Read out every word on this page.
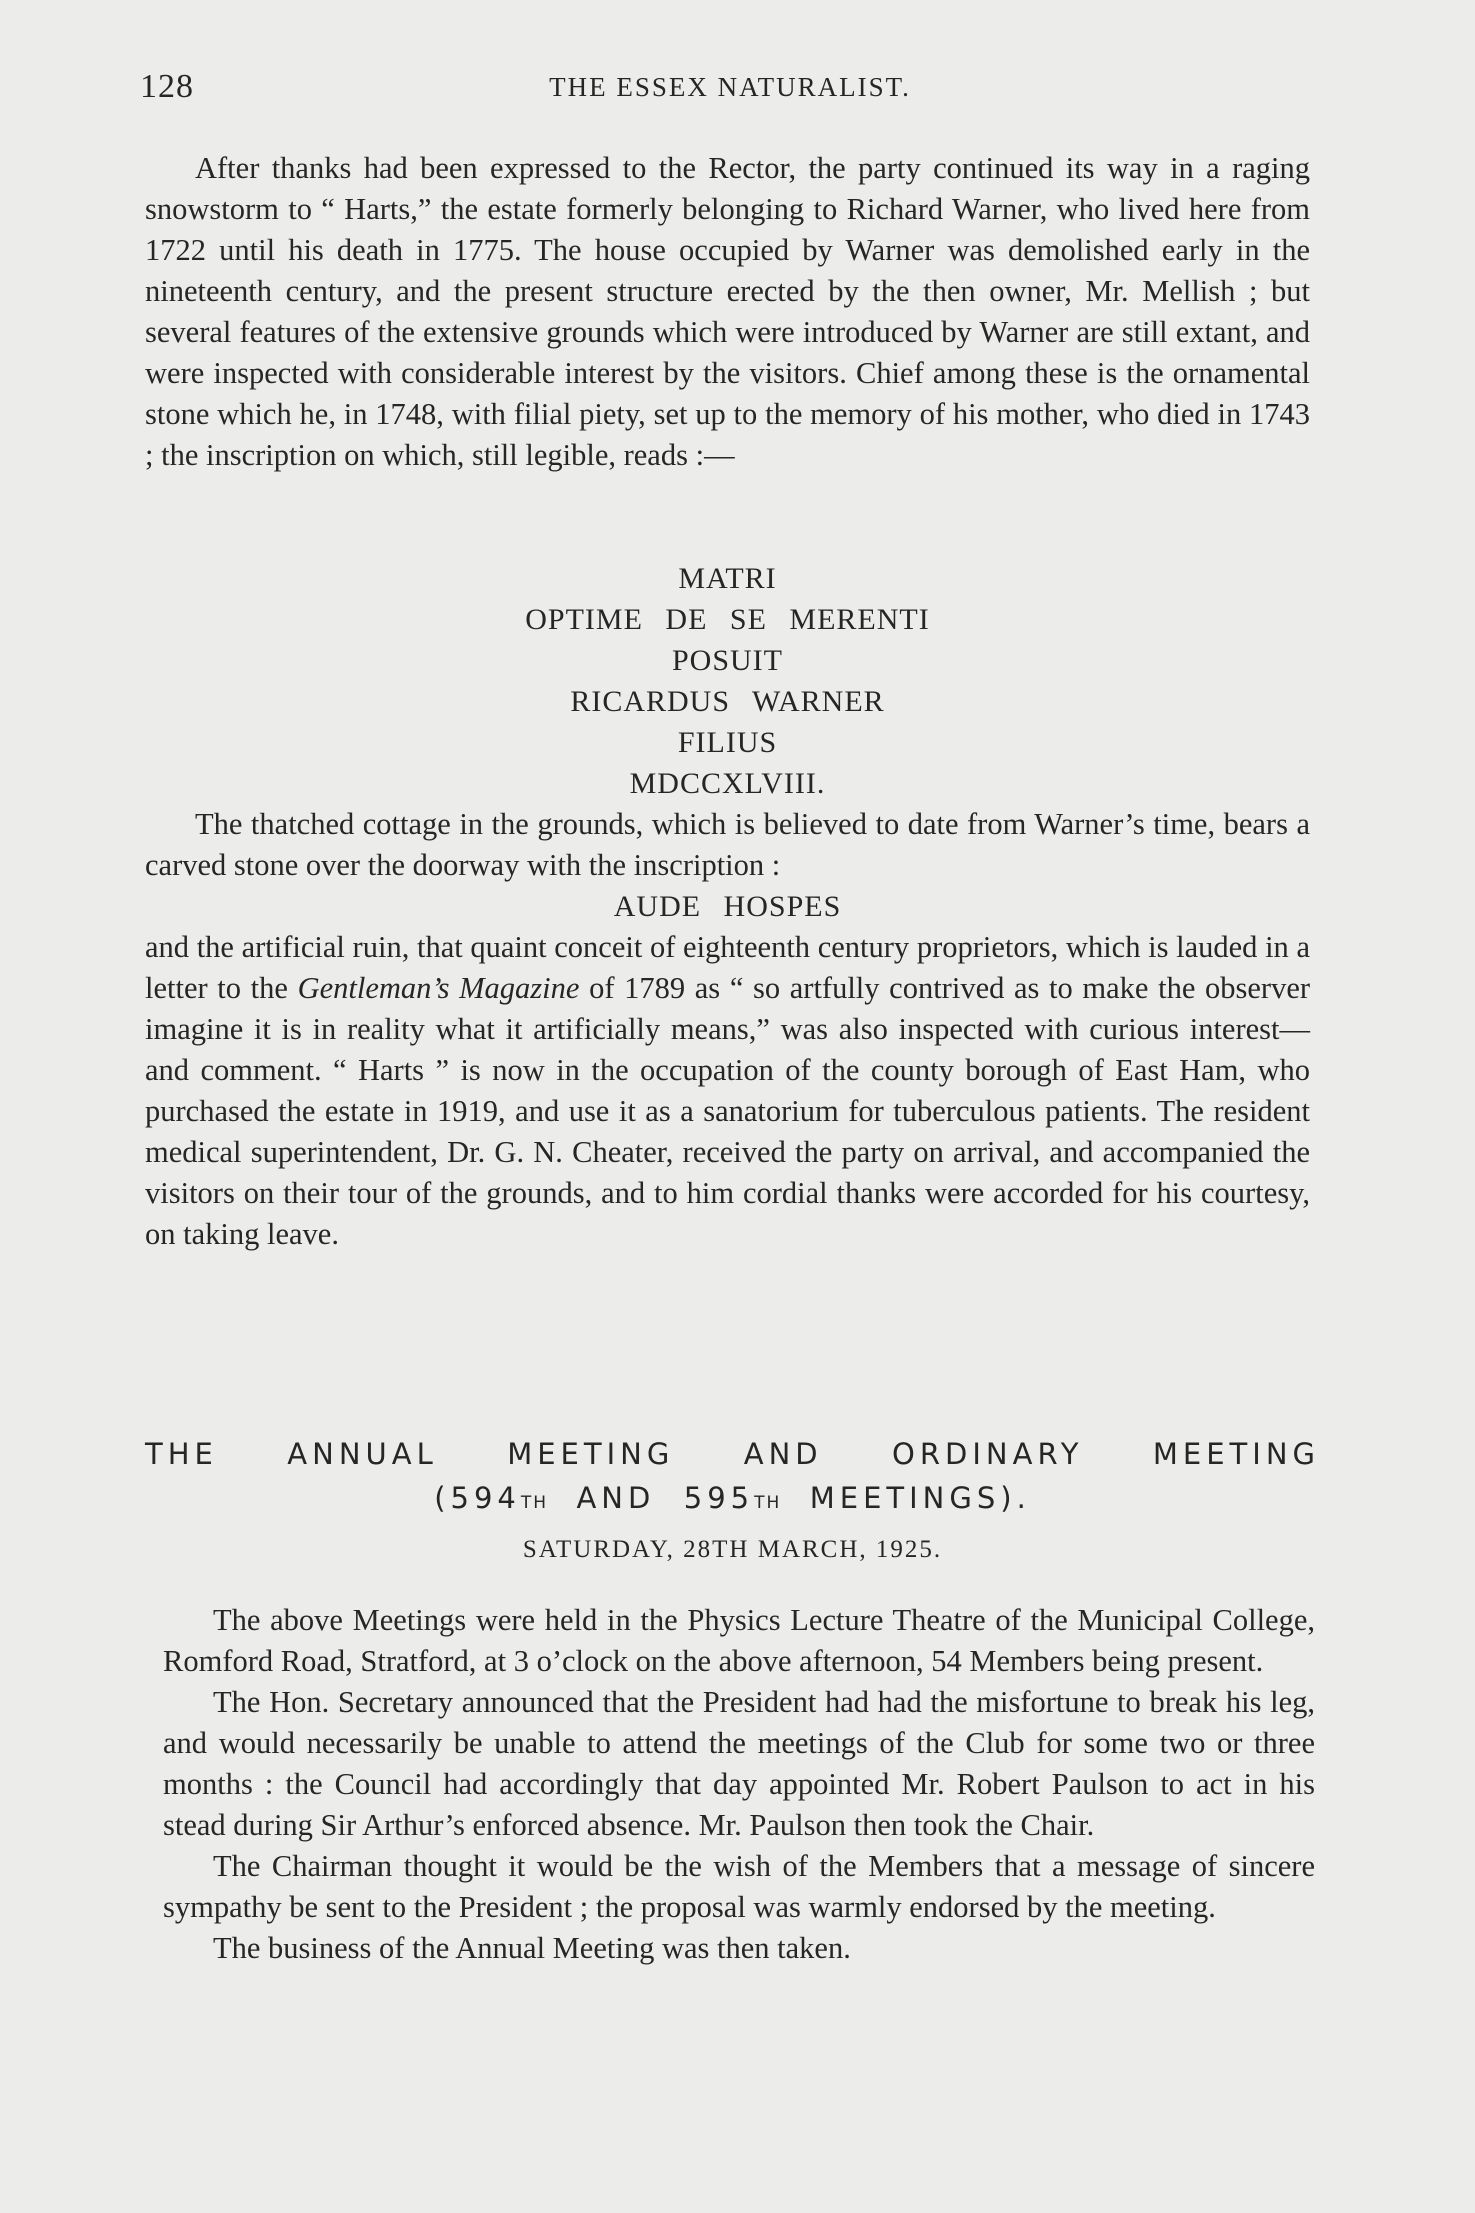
128	THE ESSEX NATURALIST.

After thanks had been expressed to the Rector, the party continued its way in a raging snowstorm to “ Harts,” the estate formerly belonging to Richard Warner, who lived here from 1722 until his death in 1775. The house occupied by Warner was demolished early in the nineteenth century, and the present structure erected by the then owner, Mr. Mellish ; but several features of the extensive grounds which were introduced by Warner are still extant, and were inspected with considerable interest by the visitors. Chief among these is the ornamental stone which he, in 1748, with filial piety, set up to the memory of his mother, who died in 1743 ; the inscription on which, still legible, reads :—

MATRI
OPTIME DE SE MERENTI
POSUIT
RICARDUS WARNER
FILIUS
MDCCXLVIII.

The thatched cottage in the grounds, which is believed to date from Warner’s time, bears a carved stone over the doorway with the inscription :

AUDE HOSPES

and the artificial ruin, that quaint conceit of eighteenth century proprietors, which is lauded in a letter to the Gentleman’s Magazine of 1789 as “ so artfully contrived as to make the observer imagine it is in reality what it artificially means,” was also inspected with curious interest—and comment. “ Harts ” is now in the occupation of the county borough of East Ham, who purchased the estate in 1919, and use it as a sanatorium for tuberculous patients. The resident medical superintendent, Dr. G. N. Cheater, received the party on arrival, and accompanied the visitors on their tour of the grounds, and to him cordial thanks were accorded for his courtesy, on taking leave.

THE ANNUAL MEETING AND ORDINARY MEETING
(594TH AND 595TH MEETINGS).
SATURDAY, 28TH MARCH, 1925.

The above Meetings were held in the Physics Lecture Theatre of the Municipal College, Romford Road, Stratford, at 3 o’clock on the above afternoon, 54 Members being present.

The Hon. Secretary announced that the President had had the misfortune to break his leg, and would necessarily be unable to attend the meetings of the Club for some two or three months : the Council had accordingly that day appointed Mr. Robert Paulson to act in his stead during Sir Arthur’s enforced absence. Mr. Paulson then took the Chair.

The Chairman thought it would be the wish of the Members that a message of sincere sympathy be sent to the President ; the proposal was warmly endorsed by the meeting.

The business of the Annual Meeting was then taken.
